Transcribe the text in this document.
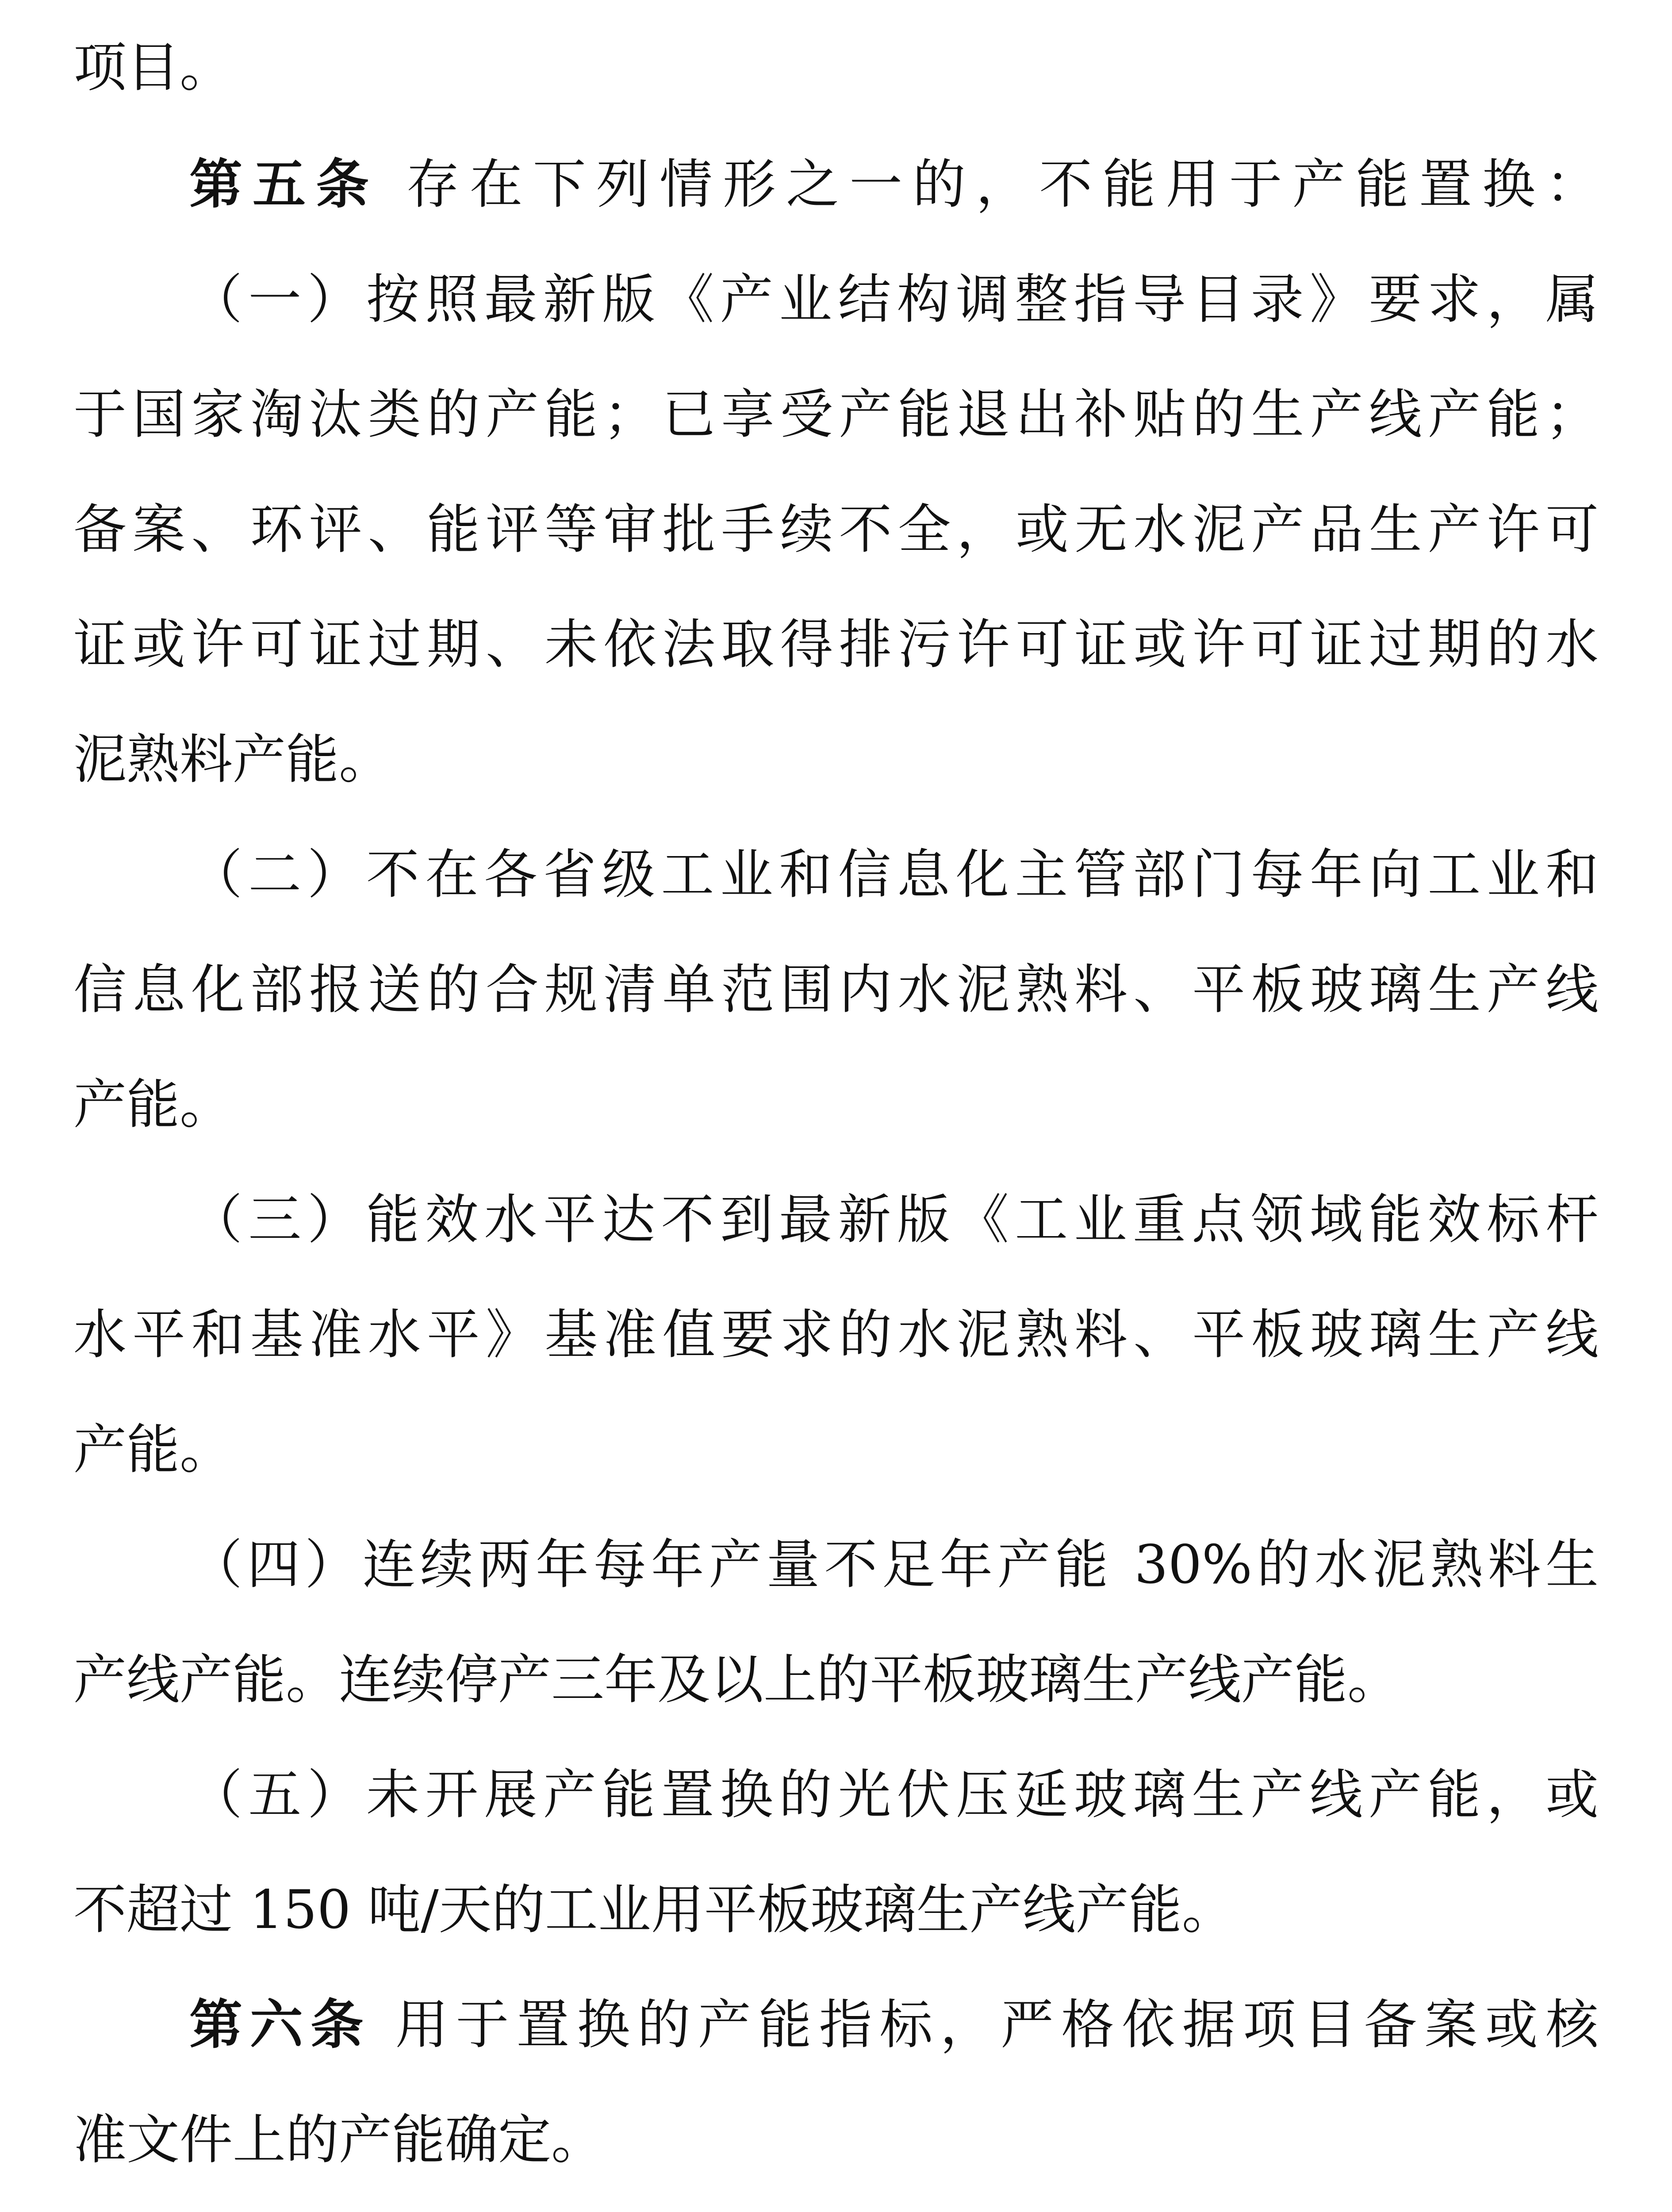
项目。
第五条 存在下列情形之一的，不能用于产能置换：
（一）按照最新版《产业结构调整指导目录》要求，属
于国家淘汰类的产能；已享受产能退出补贴的生产线产能；
备案、环评、能评等审批手续不全，或无水泥产品生产许可
证或许可证过期、未依法取得排污许可证或许可证过期的水
泥熟料产能。
（二）不在各省级工业和信息化主管部门每年向工业和
信息化部报送的合规清单范围内水泥熟料、平板玻璃生产线
产能。
（三）能效水平达不到最新版《工业重点领域能效标杆
水平和基准水平》基准值要求的水泥熟料、平板玻璃生产线
产能。
（四）连续两年每年产量不足年产能 30%的水泥熟料生
产线产能。连续停产三年及以上的平板玻璃生产线产能。
（五）未开展产能置换的光伏压延玻璃生产线产能，或
不超过 150 吨/天的工业用平板玻璃生产线产能。
第六条 用于置换的产能指标，严格依据项目备案或核
准文件上的产能确定。
